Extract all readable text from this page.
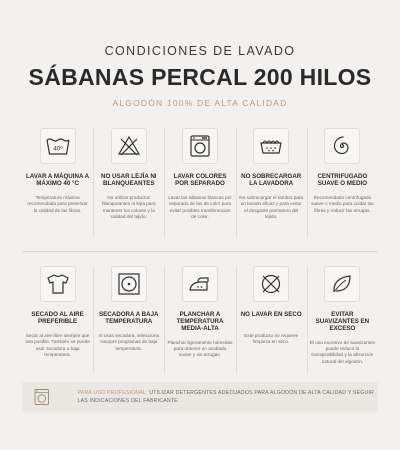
CONDICIONES DE LAVADO
SÁBANAS PERCAL 200 HILOS
ALGODÓN 100% DE ALTA CALIDAD
40º
LAVAR A MÁQUINA A MÁXIMO 40 °C
Temperatura máxima recomendada para preservar la calidad de las fibras.
NO USAR LEJÍA NI BLANQUEANTES
No utilizar productos blanqueantes ni lejía para mantener los colores y la calidad del tejido.
LAVAR COLORES POR SEPARADO
Lavar las sábanas blancas por separado de las de color para evitar posibles transferencias de color.
NO SOBRECARGAR LA LAVADORA
No sobrecargar el tambor para un lavado eficaz y para evitar el desgaste prematuro del tejido.
CENTRIFUGADO SUAVE O MEDIO
Recomendado centrifugado suave o medio para cuidar las fibras y reducir las arrugas.
SECADO AL AIRE PREFERIBLE
Secar al aire libre siempre que sea posible. También se puede usar secadora a baja temperatura.
SECADORA A BAJA TEMPERATURA
Si usas secadora, selecciona siempre programas de baja temperatura.
PLANCHAR A TEMPERATURA MEDIA-ALTA
Planchar ligeramente húmedas para obtener un acabado suave y sin arrugas.
NO LAVAR EN SECO
Este producto no requiere limpieza en seco.
EVITAR SUAVIZANTES EN EXCESO
El uso excesivo de suavizantes puede reducir la transpirabilidad y la absorción natural del algodón.
PARA USO PROFESIONAL: UTILIZAR DETERGENTES ADECUADOS PARA ALGODÓN DE ALTA CALIDAD Y SEGUIR LAS INDICACIONES DEL FABRICANTE.
